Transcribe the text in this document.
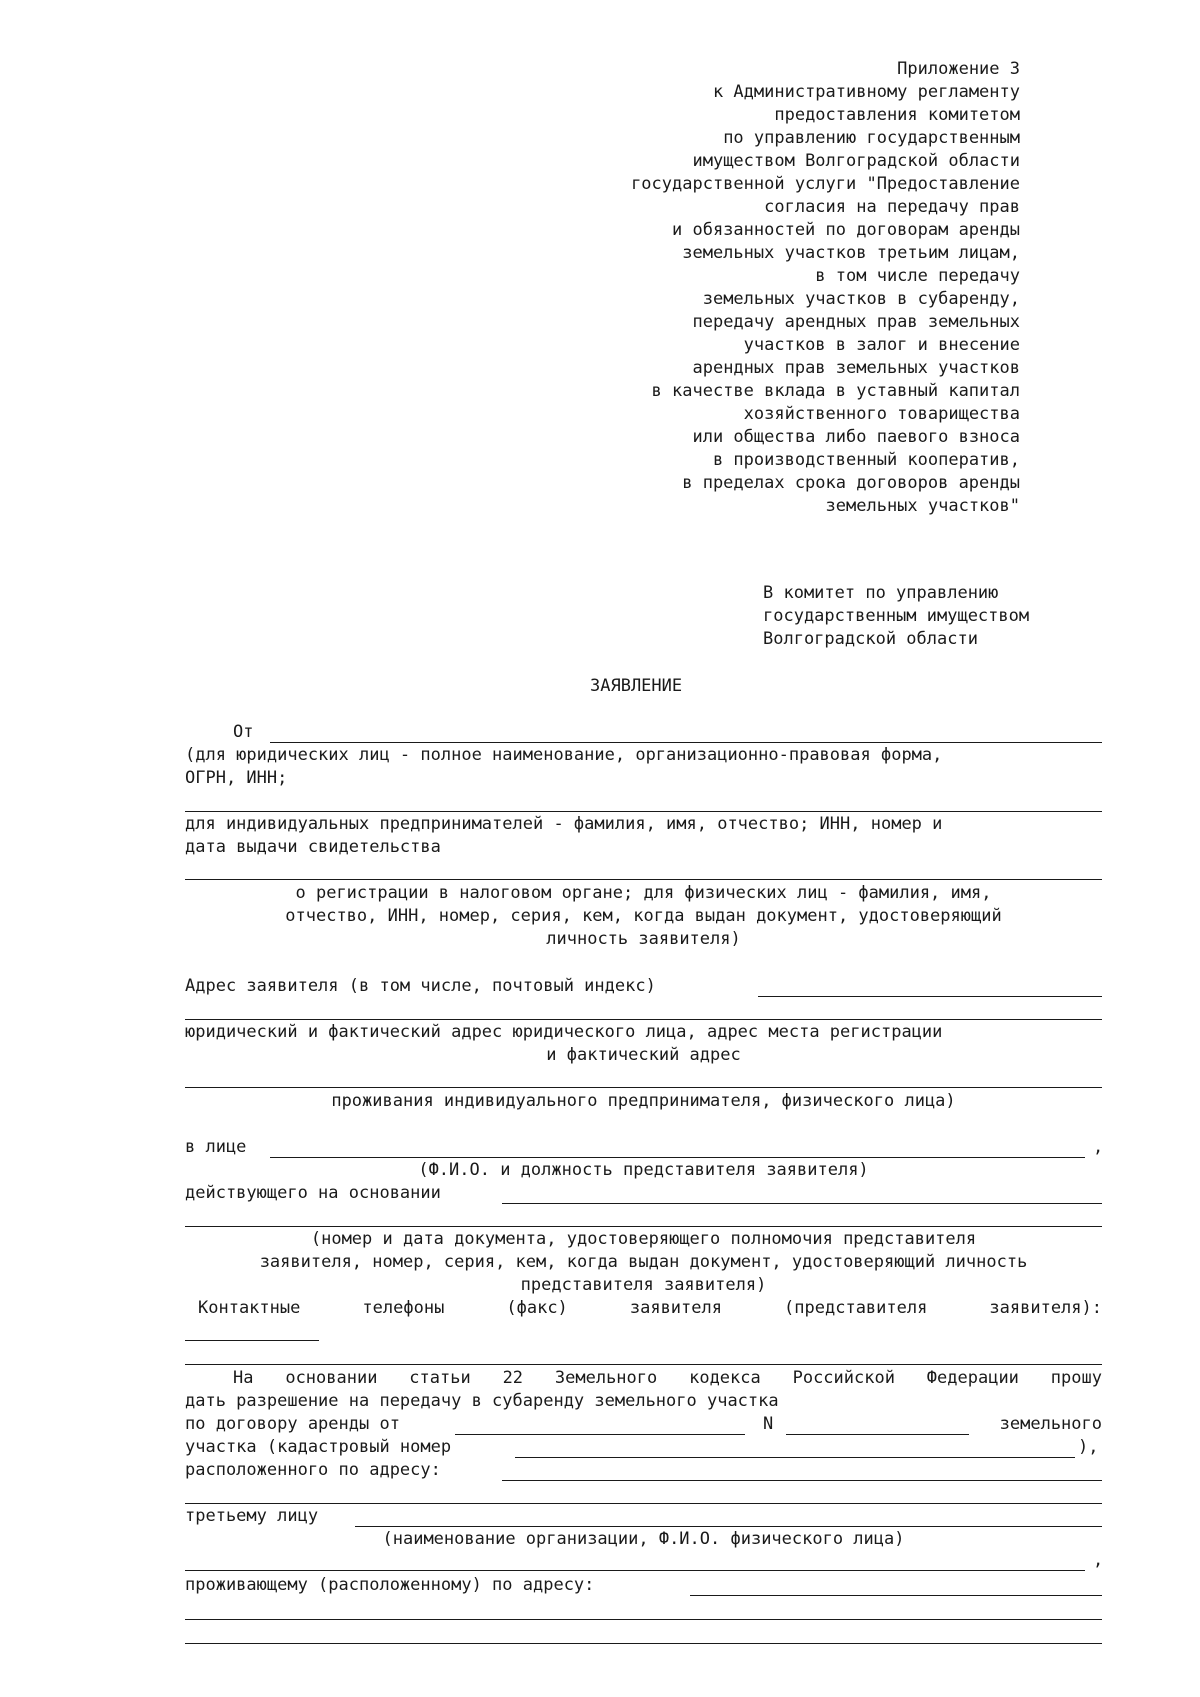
Приложение 3
к Административному регламенту
предоставления комитетом
по управлению государственным
имуществом Волгоградской области
государственной услуги "Предоставление
согласия на передачу прав
и обязанностей по договорам аренды
земельных участков третьим лицам,
в том числе передачу
земельных участков в субаренду,
передачу арендных прав земельных
участков в залог и внесение
арендных прав земельных участков
в качестве вклада в уставный капитал
хозяйственного товарищества
или общества либо паевого взноса
в производственный кооператив,
в пределах срока договоров аренды
земельных участков"
В комитет по управлению
государственным имуществом
Волгоградской области
ЗАЯВЛЕНИЕ
От
(для юридических лиц - полное наименование, организационно-правовая форма,
ОГРН, ИНН;
для индивидуальных предпринимателей - фамилия, имя, отчество; ИНН, номер и
дата выдачи свидетельства
о регистрации в налоговом органе; для физических лиц - фамилия, имя,
отчество, ИНН, номер, серия, кем, когда выдан документ, удостоверяющий
личность заявителя)
Адрес заявителя (в том числе, почтовый индекс)
юридический и фактический адрес юридического лица, адрес места регистрации
и фактический адрес
проживания индивидуального предпринимателя, физического лица)
в лице	,
(Ф.И.О. и должность представителя заявителя)
действующего на основании
(номер и дата документа, удостоверяющего полномочия представителя
заявителя, номер, серия, кем, когда выдан документ, удостоверяющий личность
представителя заявителя)
Контактные	телефоны	(факс)	заявителя	(представителя	заявителя):
На основании статьи 22 Земельного кодекса Российской Федерации прошу
дать разрешение на передачу в субаренду земельного участка
по договору аренды от	N	земельного
участка (кадастровый номер	),
расположенного по адресу:
третьему лицу
(наименование организации, Ф.И.О. физического лица)
,
проживающему (расположенному) по адресу:
